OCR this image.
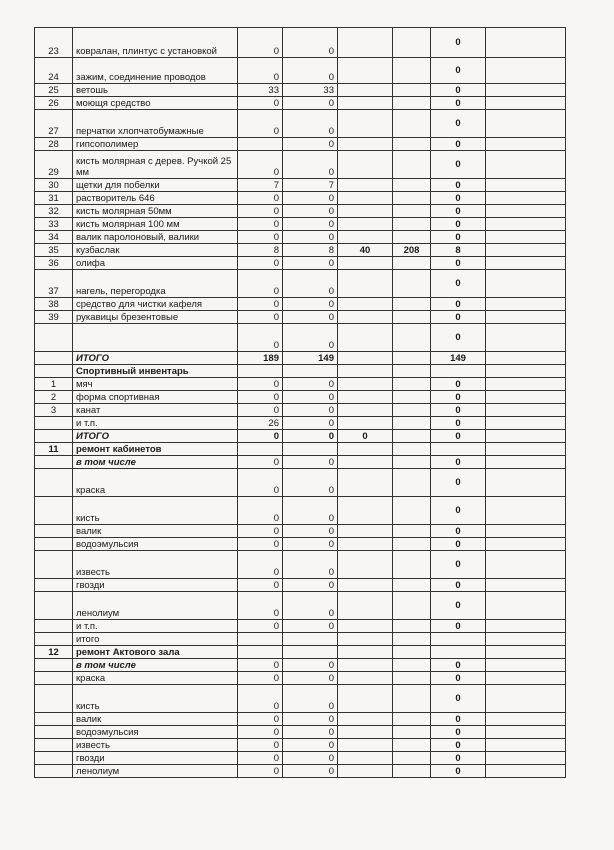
23	ковралан, плинтус с установкой	0	0			0	
24	зажим, соединение проводов	0	0			0	
25	ветошь	33	33			0	
26	моющя средство	0	0			0	
27	перчатки хлопчатобумажные	0	0			0	
28	гипсополимер		0			0	
29	кисть молярная с дерев. Ручкой 25 мм	0	0			0	
30	щетки для побелки	7	7			0	
31	растворитель 646	0	0			0	
32	кисть молярная 50мм	0	0			0	
33	кисть молярная 100 мм	0	0			0	
34	валик паролоновый, валики	0	0			0	
35	кузбаслак	8	8	40	208	8	
36	олифа	0	0			0	
37	нагель, перегородка	0	0			0	
38	средство для чистки кафеля	0	0			0	
39	рукавицы брезентовые	0	0			0	
		0	0			0	
	ИТОГО	189	149			149	
	Спортивный инвентарь						
1	мяч	0	0			0	
2	форма спортивная	0	0			0	
3	канат	0	0			0	
	и т.п.	26	0			0	
	ИТОГО	0	0	0		0	
11	ремонт кабинетов						
	в том числе	0	0			0	
	краска	0	0			0	
	кисть	0	0			0	
	валик	0	0			0	
	водоэмульсия	0	0			0	
	известь	0	0			0	
	гвозди	0	0			0	
	ленолиум	0	0			0	
	и т.п.	0	0			0	
	итого						
12	ремонт Актового зала						
	в том числе	0	0			0	
	краска	0	0			0	
	кисть	0	0			0	
	валик	0	0			0	
	водоэмульсия	0	0			0	
	известь	0	0			0	
	гвозди	0	0			0	
	ленолиум	0	0			0	
